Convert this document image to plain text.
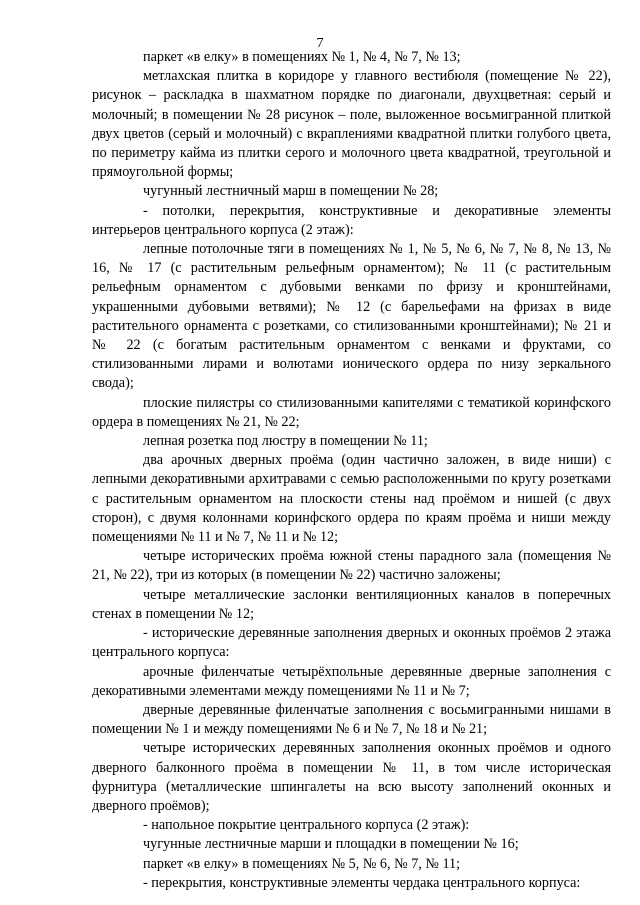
7

паркет «в елку» в помещениях № 1, № 4, № 7, № 13;

метлахская плитка в коридоре у главного вестибюля (помещение № 22), рисунок – раскладка в шахматном порядке по диагонали, двухцветная: серый и молочный; в помещении № 28 рисунок – поле, выложенное восьмигранной плиткой двух цветов (серый и молочный) с вкраплениями квадратной плитки голубого цвета, по периметру кайма из плитки серого и молочного цвета квадратной, треугольной и прямоугольной формы;

чугунный лестничный марш в помещении № 28;

- потолки, перекрытия, конструктивные и декоративные элементы интерьеров центрального корпуса (2 этаж):

лепные потолочные тяги в помещениях № 1, № 5, № 6, № 7, № 8, № 13, № 16, № 17 (с растительным рельефным орнаментом); № 11 (с растительным рельефным орнаментом с дубовыми венками по фризу и кронштейнами, украшенными дубовыми ветвями); № 12 (с барельефами на фризах в виде растительного орнамента с розетками, со стилизованными кронштейнами); № 21 и № 22 (с богатым растительным орнаментом с венками и фруктами, со стилизованными лирами и волютами ионического ордера по низу зеркального свода);

плоские пилястры со стилизованными капителями с тематикой коринфского ордера в помещениях № 21, № 22;

лепная розетка под люстру в помещении № 11;

два арочных дверных проёма (один частично заложен, в виде ниши) с лепными декоративными архитравами с семью расположенными по кругу розетками с растительным орнаментом на плоскости стены над проёмом и нишей (с двух сторон), с двумя колоннами коринфского ордера по краям проёма и ниши между помещениями № 11 и № 7, № 11 и № 12;

четыре исторических проёма южной стены парадного зала (помещения № 21, № 22), три из которых (в помещении № 22) частично заложены;

четыре металлические заслонки вентиляционных каналов в поперечных стенах в помещении № 12;

- исторические деревянные заполнения дверных и оконных проёмов 2 этажа центрального корпуса:

арочные филенчатые четырёхпольные деревянные дверные заполнения с декоративными элементами между помещениями № 11 и № 7;

дверные деревянные филенчатые заполнения с восьмигранными нишами в помещении № 1 и между помещениями № 6 и № 7, № 18 и № 21;

четыре исторических деревянных заполнения оконных проёмов и одного дверного балконного проёма в помещении № 11, в том числе историческая фурнитура (металлические шпингалеты на всю высоту заполнений оконных и дверного проёмов);

- напольное покрытие центрального корпуса (2 этаж):

чугунные лестничные марши и площадки в помещении № 16;

паркет «в елку» в помещениях № 5, № 6, № 7, № 11;

- перекрытия, конструктивные элементы чердака центрального корпуса:
